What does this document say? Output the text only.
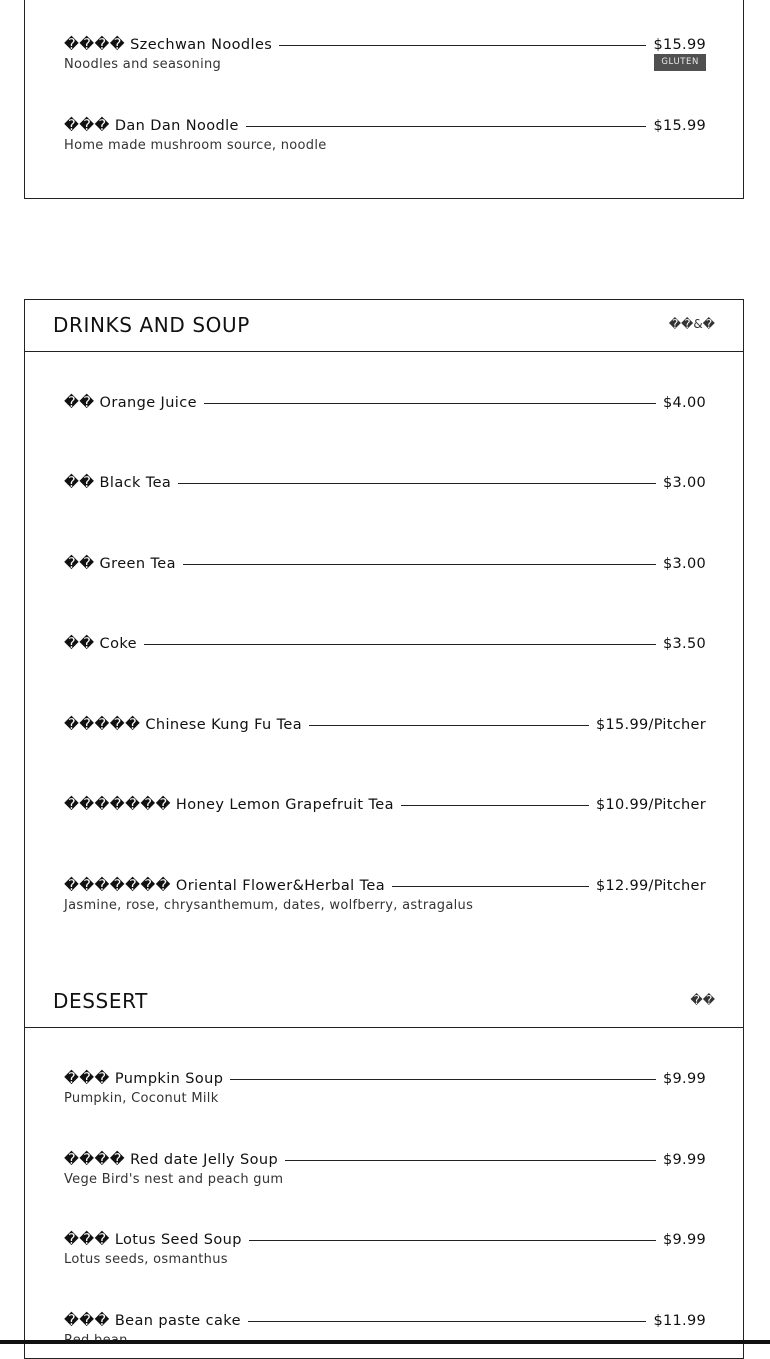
���� Szechwan Noodles	$15.99
Noodles and seasoning	GLUTEN
��� Dan Dan Noodle	$15.99
Home made mushroom source, noodle
DRINKS AND SOUP	��&�
�� Orange Juice	$4.00
�� Black Tea	$3.00
�� Green Tea	$3.00
�� Coke	$3.50
����� Chinese Kung Fu Tea	$15.99/Pitcher
������� Honey Lemon Grapefruit Tea	$10.99/Pitcher
������� Oriental Flower&Herbal Tea	$12.99/Pitcher
Jasmine, rose, chrysanthemum, dates, wolfberry, astragalus
DESSERT	��
��� Pumpkin Soup	$9.99
Pumpkin, Coconut Milk
���� Red date Jelly Soup	$9.99
Vege Bird's nest and peach gum
��� Lotus Seed Soup	$9.99
Lotus seeds, osmanthus
��� Bean paste cake	$11.99
